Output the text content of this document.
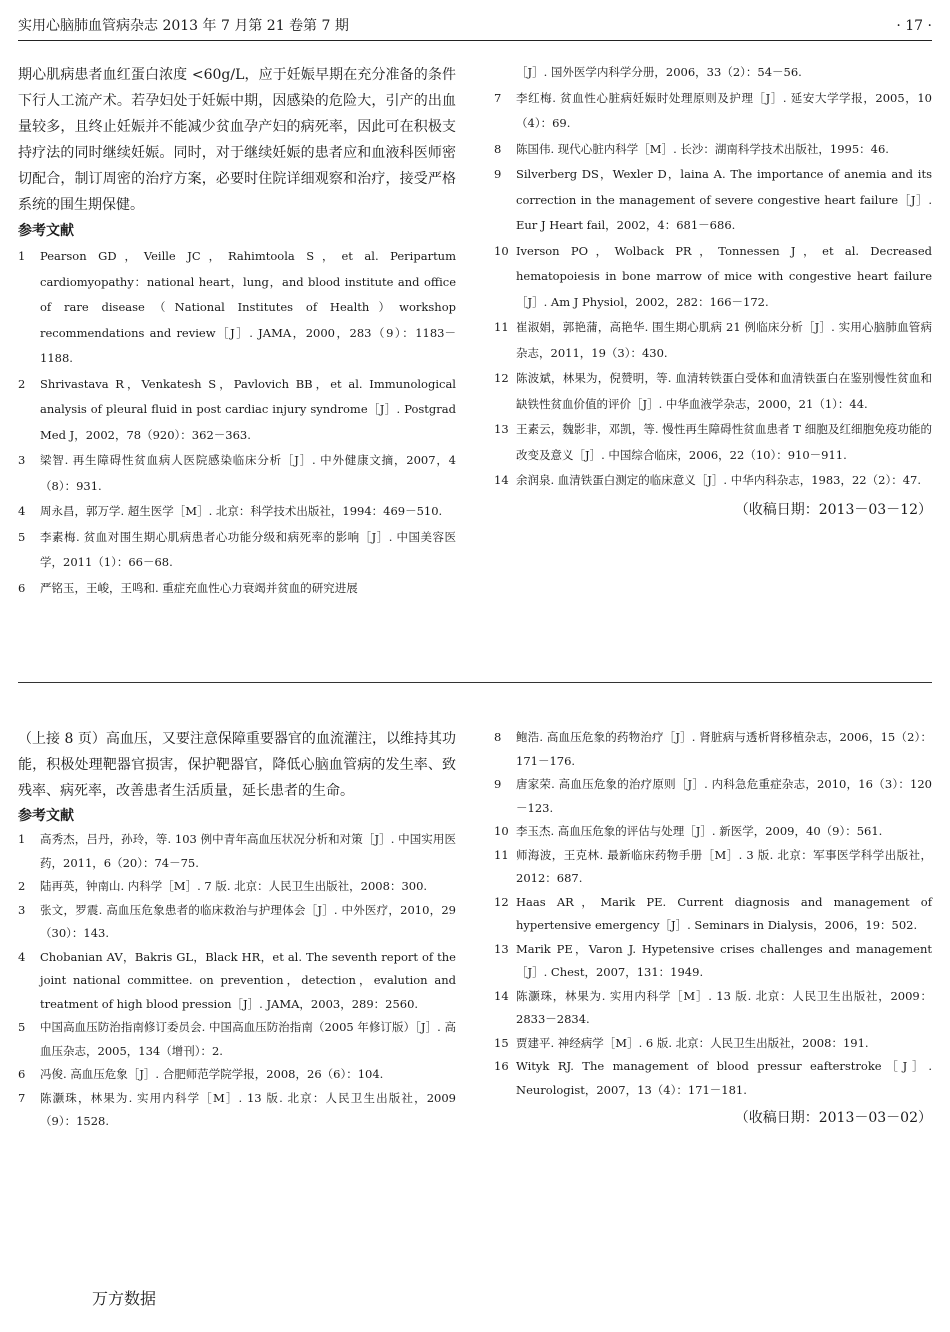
实用心脑肺血管病杂志 2013 年 7 月第 21 卷第 7 期	· 17 ·

期心肌病患者血红蛋白浓度 <60g/L，应于妊娠早期在充分准备的条件下行人工流产术。若孕妇处于妊娠中期，因感染的危险大，引产的出血量较多，且终止妊娠并不能减少贫血孕产妇的病死率，因此可在积极支持疗法的同时继续妊娠。同时，对于继续妊娠的患者应和血液科医师密切配合，制订周密的治疗方案，必要时住院详细观察和治疗，接受严格系统的围生期保健。

参考文献

1 Pearson GD，Veille JC，Rahimtoola S，et al. Peripartum cardiomyopathy：national heart，lung，and blood institute and office of rare disease（National Institutes of Health）workshop recommendations and review［J］. JAMA，2000，283（9）：1183－1188.
2 Shrivastava R，Venkatesh S，Pavlovich BB，et al. Immunological analysis of pleural fluid in post cardiac injury syndrome［J］. Postgrad Med J，2002，78（920）：362－363.
3 梁智. 再生障碍性贫血病人医院感染临床分析［J］. 中外健康文摘，2007，4（8）：931.
4 周永昌，郭万学. 超生医学［M］. 北京：科学技术出版社，1994：469－510.
5 李素梅. 贫血对围生期心肌病患者心功能分级和病死率的影响［J］. 中国美容医学，2011（1）：66－68.
6 严铭玉，王峻，王鸣和. 重症充血性心力衰竭并贫血的研究进展
［J］. 国外医学内科学分册，2006，33（2）：54－56.
7 李红梅. 贫血性心脏病妊娠时处理原则及护理［J］. 延安大学学报，2005，10（4）：69.
8 陈国伟. 现代心脏内科学［M］. 长沙：湖南科学技术出版社，1995：46.
9 Silverberg DS，Wexler D，laina A. The importance of anemia and its correction in the management of severe congestive heart failure［J］. Eur J Heart fail，2002，4：681－686.
10 Iverson PO，Wolback PR，Tonnessen J，et al. Decreased hematopoiesis in bone marrow of mice with congestive heart failure［J］. Am J Physiol，2002，282：166－172.
11 崔淑娟，郭艳蒲，高艳华. 围生期心肌病 21 例临床分析［J］. 实用心脑肺血管病杂志，2011，19（3）：430.
12 陈波斌，林果为，倪赞明，等. 血清转铁蛋白受体和血清铁蛋白在鉴别慢性贫血和缺铁性贫血价值的评价［J］. 中华血液学杂志，2000，21（1）：44.
13 王素云，魏影非，邓凯，等. 慢性再生障碍性贫血患者 T 细胞及红细胞免疫功能的改变及意义［J］. 中国综合临床，2006，22（10）：910－911.
14 余润泉. 血清铁蛋白测定的临床意义［J］. 中华内科杂志，1983，22（2）：47.
（收稿日期：2013－03－12）

（上接 8 页）高血压，又要注意保障重要器官的血流灌注，以维持其功能，积极处理靶器官损害，保护靶器官，降低心脑血管病的发生率、致残率、病死率，改善患者生活质量，延长患者的生命。

参考文献

1 高秀杰，吕丹，孙玲，等. 103 例中青年高血压状况分析和对策［J］. 中国实用医药，2011，6（20）：74－75.
2 陆再英，钟南山. 内科学［M］. 7 版. 北京：人民卫生出版社，2008：300.
3 张文，罗震. 高血压危象患者的临床救治与护理体会［J］. 中外医疗，2010，29（30）：143.
4 Chobanian AV，Bakris GL，Black HR，et al. The seventh report of the joint national committee. on prevention，detection，evalution and treatment of high blood pression［J］. JAMA，2003，289：2560.
5 中国高血压防治指南修订委员会. 中国高血压防治指南（2005 年修订版）［J］. 高血压杂志，2005，134（增刊）：2.
6 冯俊. 高血压危象［J］. 合肥师范学院学报，2008，26（6）：104.
7 陈灏珠，林果为. 实用内科学［M］. 13 版. 北京：人民卫生出版社，2009（9）：1528.
8 鲍浩. 高血压危象的药物治疗［J］. 肾脏病与透析肾移植杂志，2006，15（2）：171－176.
9 唐家荣. 高血压危象的治疗原则［J］. 内科急危重症杂志，2010，16（3）：120－123.
10 李玉杰. 高血压危象的评估与处理［J］. 新医学，2009，40（9）：561.
11 师海波，王克林. 最新临床药物手册［M］. 3 版. 北京：军事医学科学出版社，2012：687.
12 Haas AR，Marik PE. Current diagnosis and management of hypertensive emergency［J］. Seminars in Dialysis，2006，19：502.
13 Marik PE，Varon J. Hypetensive crises challenges and management［J］. Chest，2007，131：1949.
14 陈灏珠，林果为. 实用内科学［M］. 13 版. 北京：人民卫生出版社，2009：2833－2834.
15 贾建平. 神经病学［M］. 6 版. 北京：人民卫生出版社，2008：191.
16 Wityk RJ. The management of blood pressur eafterstroke［J］. Neurologist，2007，13（4）：171－181.
（收稿日期：2013－03－02）
万方数据
